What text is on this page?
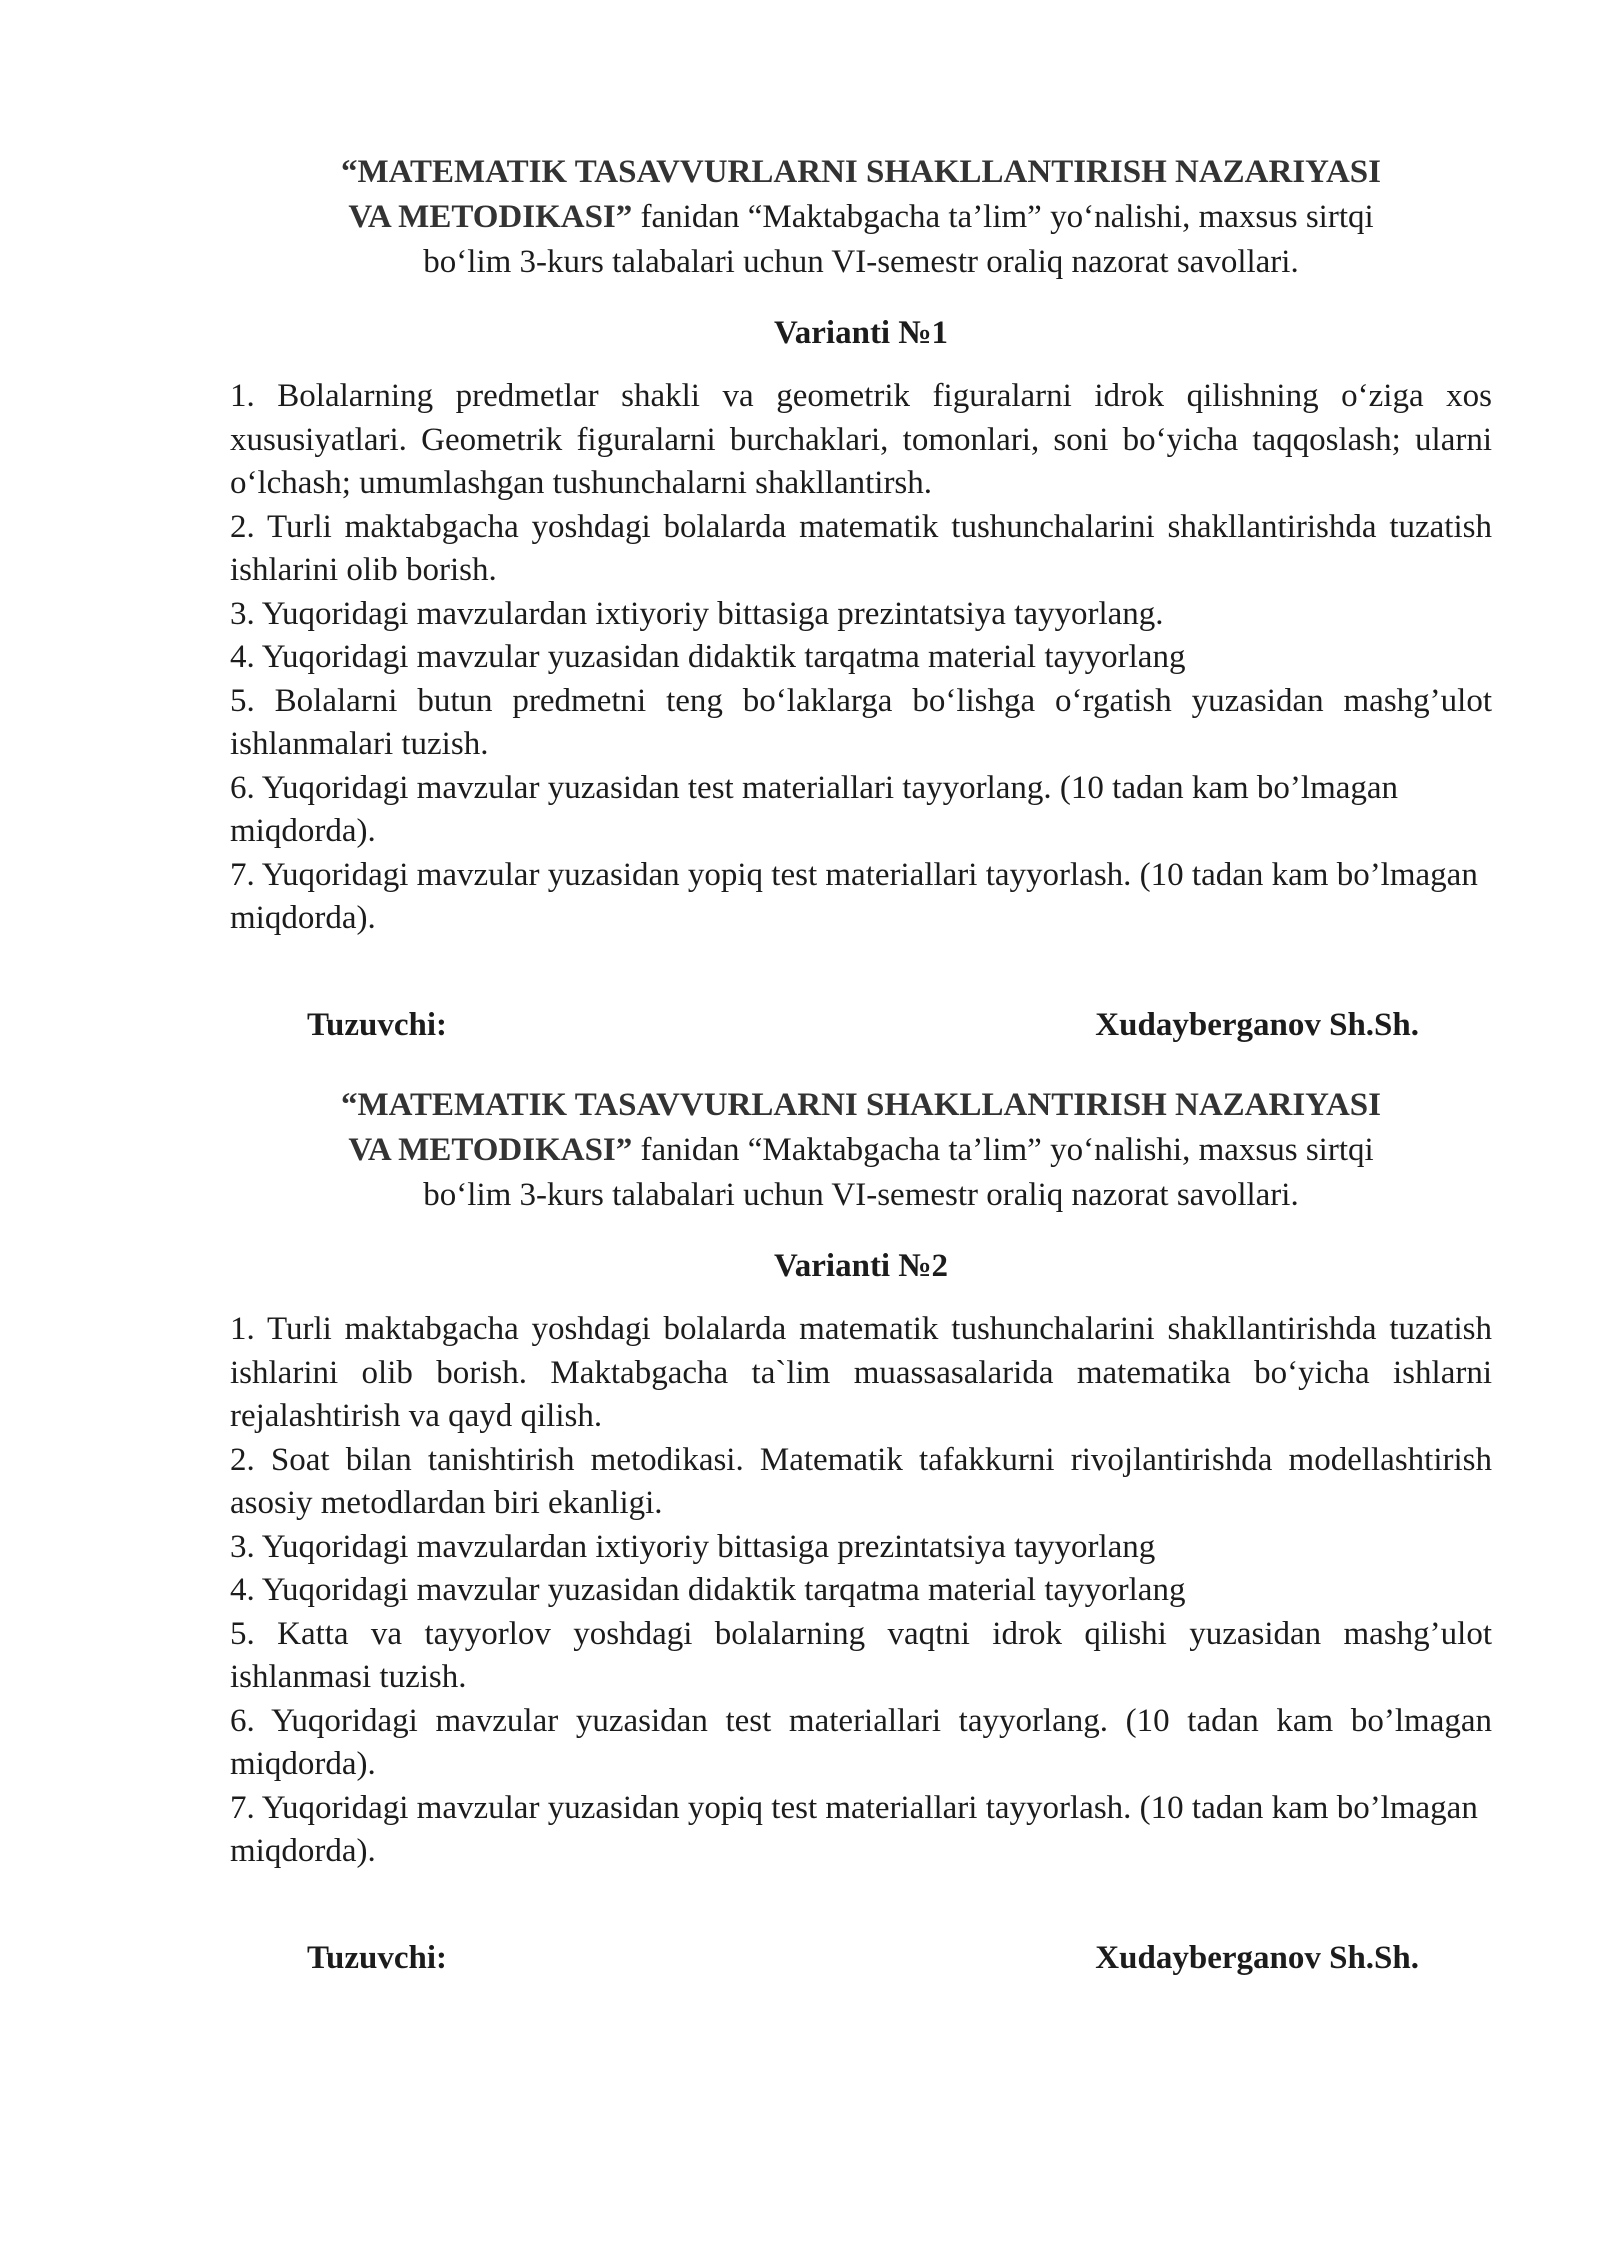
“MATEMATIK TASAVVURLARNI SHAKLLANTIRISH NAZARIYASI
VA METODIKASI” fanidan “Maktabgacha ta’lim” yo‘nalishi, maxsus sirtqi
bo‘lim 3-kurs talabalari uchun VI-semestr oraliq nazorat savollari.

Varianti №1

1. Bolalarning predmetlar shakli va geometrik figuralarni idrok qilishning o‘ziga xos xususiyatlari. Geometrik figuralarni burchaklari, tomonlari, soni bo‘yicha taqqoslash; ularni o‘lchash; umumlashgan tushunchalarni shakllantirsh.

2. Turli maktabgacha yoshdagi bolalarda matematik tushunchalarini shakllantirishda tuzatish ishlarini olib borish.

3. Yuqoridagi mavzulardan ixtiyoriy bittasiga prezintatsiya tayyorlang.

4. Yuqoridagi mavzular yuzasidan didaktik tarqatma material tayyorlang

5. Bolalarni butun predmetni teng bo‘laklarga bo‘lishga o‘rgatish yuzasidan mashg’ulot ishlanmalari tuzish.

6. Yuqoridagi mavzular yuzasidan test materiallari tayyorlang. (10 tadan kam bo’lmagan miqdorda).

7. Yuqoridagi mavzular yuzasidan yopiq test materiallari tayyorlash. (10 tadan kam bo’lmagan miqdorda).

Tuzuvchi:	Xudayberganov Sh.Sh.

“MATEMATIK TASAVVURLARNI SHAKLLANTIRISH NAZARIYASI
VA METODIKASI” fanidan “Maktabgacha ta’lim” yo‘nalishi, maxsus sirtqi
bo‘lim 3-kurs talabalari uchun VI-semestr oraliq nazorat savollari.

Varianti №2

1. Turli maktabgacha yoshdagi bolalarda matematik tushunchalarini shakllantirishda tuzatish ishlarini olib borish. Maktabgacha ta`lim muassasalarida matematika bo‘yicha ishlarni rejalashtirish va qayd qilish.

2. Soat bilan tanishtirish metodikasi. Matematik tafakkurni rivojlantirishda modellashtirish asosiy metodlardan biri ekanligi.

3. Yuqoridagi mavzulardan ixtiyoriy bittasiga prezintatsiya tayyorlang

4. Yuqoridagi mavzular yuzasidan didaktik tarqatma material tayyorlang

5. Katta va tayyorlov yoshdagi bolalarning vaqtni idrok qilishi yuzasidan mashg’ulot ishlanmasi tuzish.

6. Yuqoridagi mavzular yuzasidan test materiallari tayyorlang. (10 tadan kam bo’lmagan miqdorda).

7. Yuqoridagi mavzular yuzasidan yopiq test materiallari tayyorlash. (10 tadan kam bo’lmagan miqdorda).

Tuzuvchi:	Xudayberganov Sh.Sh.
